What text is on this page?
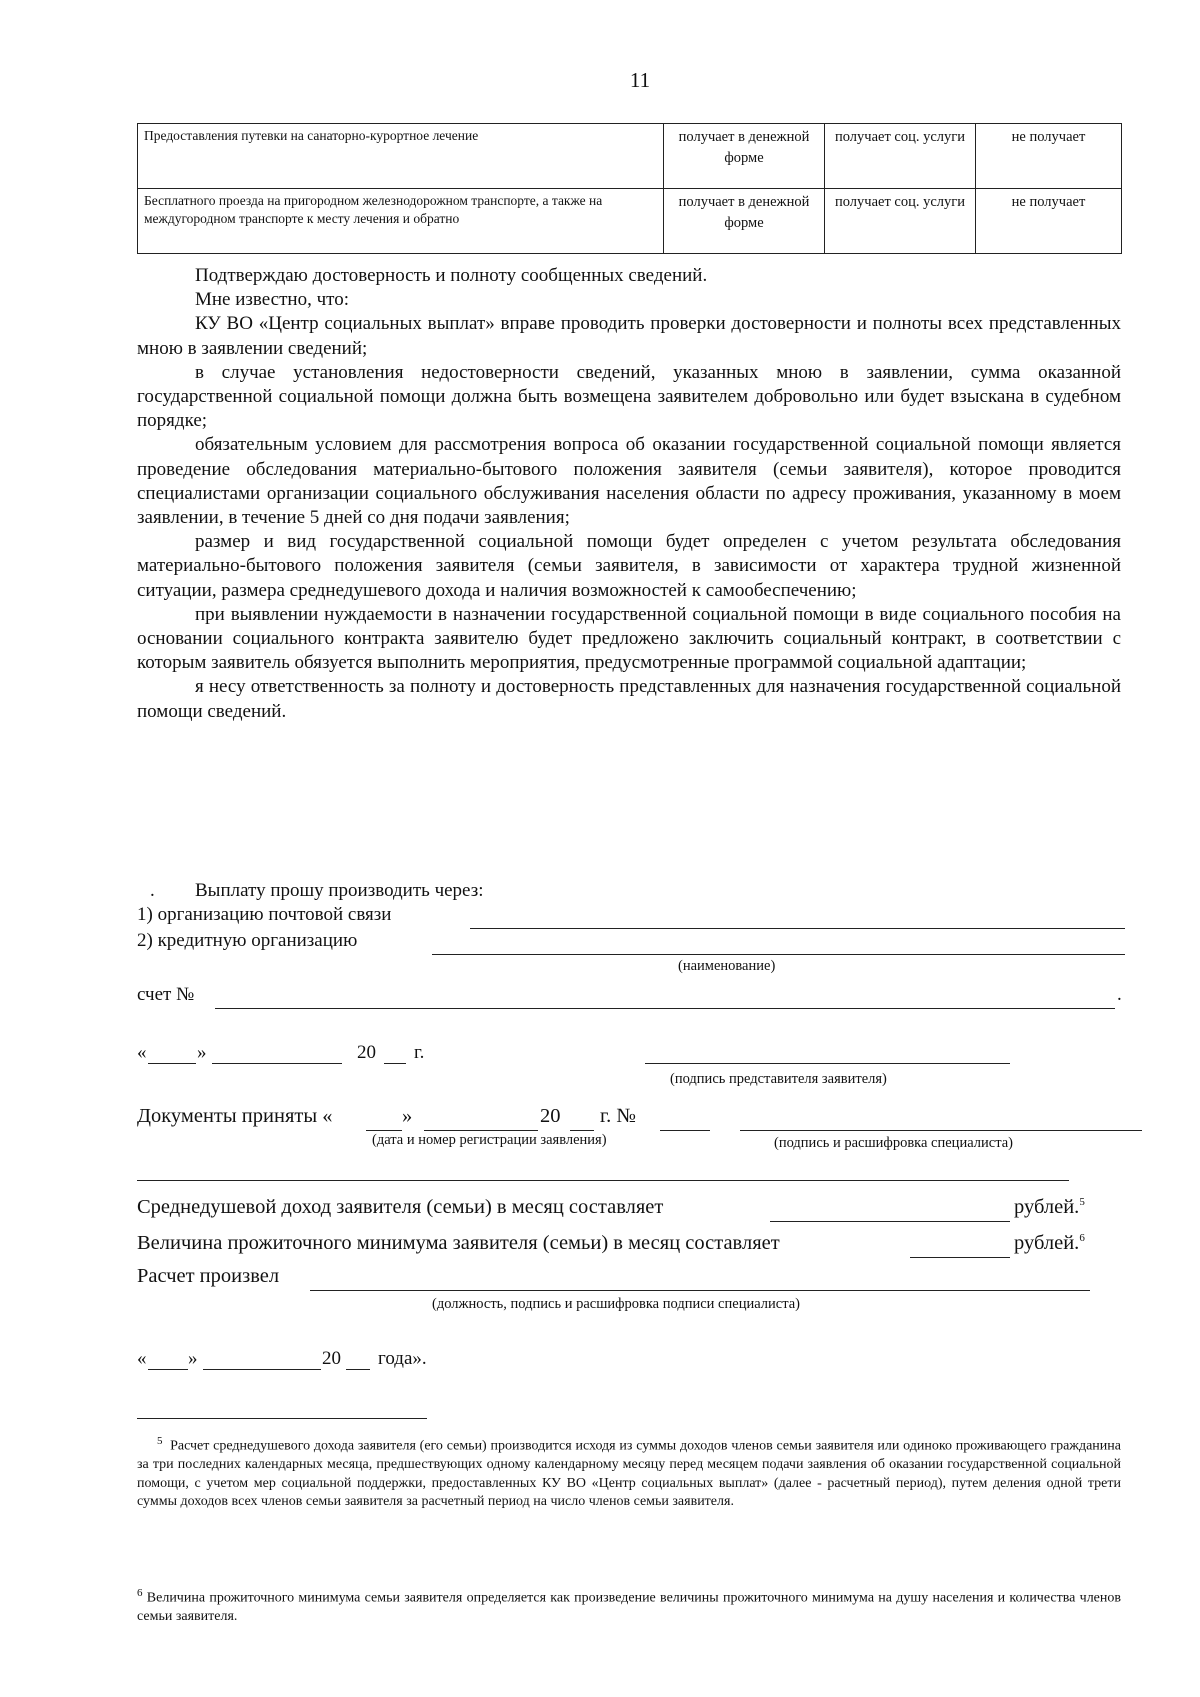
11
Предоставления путевки на санаторно-курортное лечение	получает в денежной форме	получает соц. услуги	не получает
Бесплатного проезда на пригородном железнодорожном транспорте, а также на междугородном транспорте к месту лечения и обратно	получает в денежной форме	получает соц. услуги	не получает

Подтверждаю достоверность и полноту сообщенных сведений.

Мне известно, что:

КУ ВО «Центр социальных выплат» вправе проводить проверки достоверности и полноты всех представленных мною в заявлении сведений;

в случае установления недостоверности сведений, указанных мною в заявлении, сумма оказанной государственной социальной помощи должна быть возмещена заявителем добровольно или будет взыскана в судебном порядке;

обязательным условием для рассмотрения вопроса об оказании государственной социальной помощи является проведение обследования материально-бытового положения заявителя (семьи заявителя), которое проводится специалистами организации социального обслуживания населения области по адресу проживания, указанному в моем заявлении, в течение 5 дней со дня подачи заявления;

размер и вид государственной социальной помощи будет определен с учетом результата обследования материально-бытового положения заявителя (семьи заявителя, в зависимости от характера трудной жизненной ситуации, размера среднедушевого дохода и наличия возможностей к самообеспечению;

при выявлении нуждаемости в назначении государственной социальной помощи в виде социального пособия на основании социального контракта заявителю будет предложено заключить социальный контракт, в соответствии с которым заявитель обязуется выполнить мероприятия, предусмотренные программой социальной адаптации;

я несу ответственность за полноту и достоверность представленных для назначения государственной социальной помощи сведений.

. Выплату прошу производить через:
1) организацию почтовой связи
2) кредитную организацию
(наименование)
счет №	.
«	»	20 г.
(подпись представителя заявителя)
Документы приняты «	»	20 г. №
(дата и номер регистрации заявления)	(подпись и расшифровка специалиста)
Среднедушевой доход заявителя (семьи) в месяц составляет	рублей.$^5$
Величина прожиточного минимума заявителя (семьи) в месяц составляет	рублей.$^6$
Расчет произвел
(должность, подпись и расшифровка подписи специалиста)
« »	20 года».
$^5$ Расчет среднедушевого дохода заявителя (его семьи) производится исходя из суммы доходов членов семьи заявителя или одиноко проживающего гражданина за три последних календарных месяца, предшествующих одному календарному месяцу перед месяцем подачи заявления об оказании государственной социальной помощи, с учетом мер социальной поддержки, предоставленных КУ ВО «Центр социальных выплат» (далее - расчетный период), путем деления одной трети суммы доходов всех членов семьи заявителя за расчетный период на число членов семьи заявителя.
$^6$ Величина прожиточного минимума семьи заявителя определяется как произведение величины прожиточного минимума на душу населения и количества членов семьи заявителя.
